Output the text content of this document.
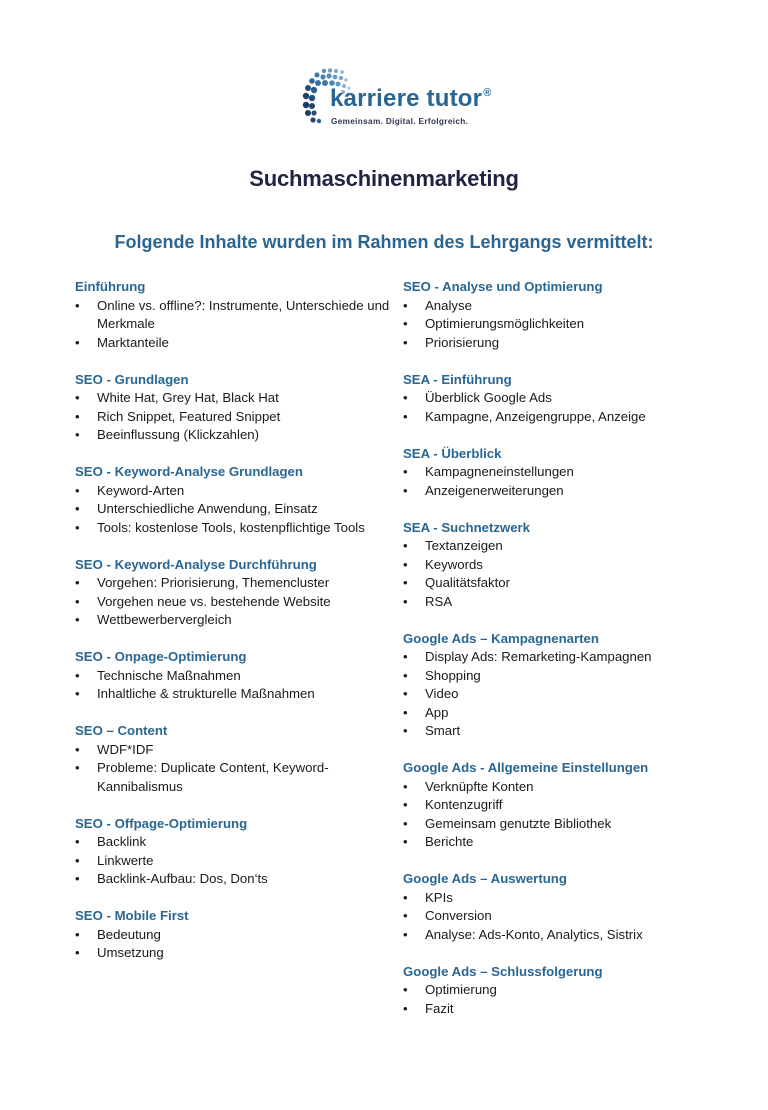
karriere tutor®
Gemeinsam. Digital. Erfolgreich.
Suchmaschinenmarketing
Folgende Inhalte wurden im Rahmen des Lehrgangs vermittelt:
Einführung
•	Online vs. offline?: Instrumente, Unterschiede und Merkmale
•	Marktanteile
SEO - Grundlagen
•	White Hat, Grey Hat, Black Hat
•	Rich Snippet, Featured Snippet
•	Beeinflussung (Klickzahlen)
SEO - Keyword-Analyse Grundlagen
•	Keyword-Arten
•	Unterschiedliche Anwendung, Einsatz
•	Tools: kostenlose Tools, kostenpflichtige Tools
SEO - Keyword-Analyse Durchführung
•	Vorgehen: Priorisierung, Themencluster
•	Vorgehen neue vs. bestehende Website
•	Wettbewerbervergleich
SEO - Onpage-Optimierung
•	Technische Maßnahmen
•	Inhaltliche & strukturelle Maßnahmen
SEO – Content
•	WDF*IDF
•	Probleme: Duplicate Content, Keyword-Kannibalismus
SEO - Offpage-Optimierung
•	Backlink
•	Linkwerte
•	Backlink-Aufbau: Dos, Don‘ts
SEO - Mobile First
•	Bedeutung
•	Umsetzung
SEO - Analyse und Optimierung
•	Analyse
•	Optimierungsmöglichkeiten
•	Priorisierung
SEA - Einführung
•	Überblick Google Ads
•	Kampagne, Anzeigengruppe, Anzeige
SEA - Überblick
•	Kampagneneinstellungen
•	Anzeigenerweiterungen
SEA - Suchnetzwerk
•	Textanzeigen
•	Keywords
•	Qualitätsfaktor
•	RSA
Google Ads – Kampagnenarten
•	Display Ads: Remarketing-Kampagnen
•	Shopping
•	Video
•	App
•	Smart
Google Ads - Allgemeine Einstellungen
•	Verknüpfte Konten
•	Kontenzugriff
•	Gemeinsam genutzte Bibliothek
•	Berichte
Google Ads – Auswertung
•	KPIs
•	Conversion
•	Analyse: Ads-Konto, Analytics, Sistrix
Google Ads – Schlussfolgerung
•	Optimierung
•	Fazit
